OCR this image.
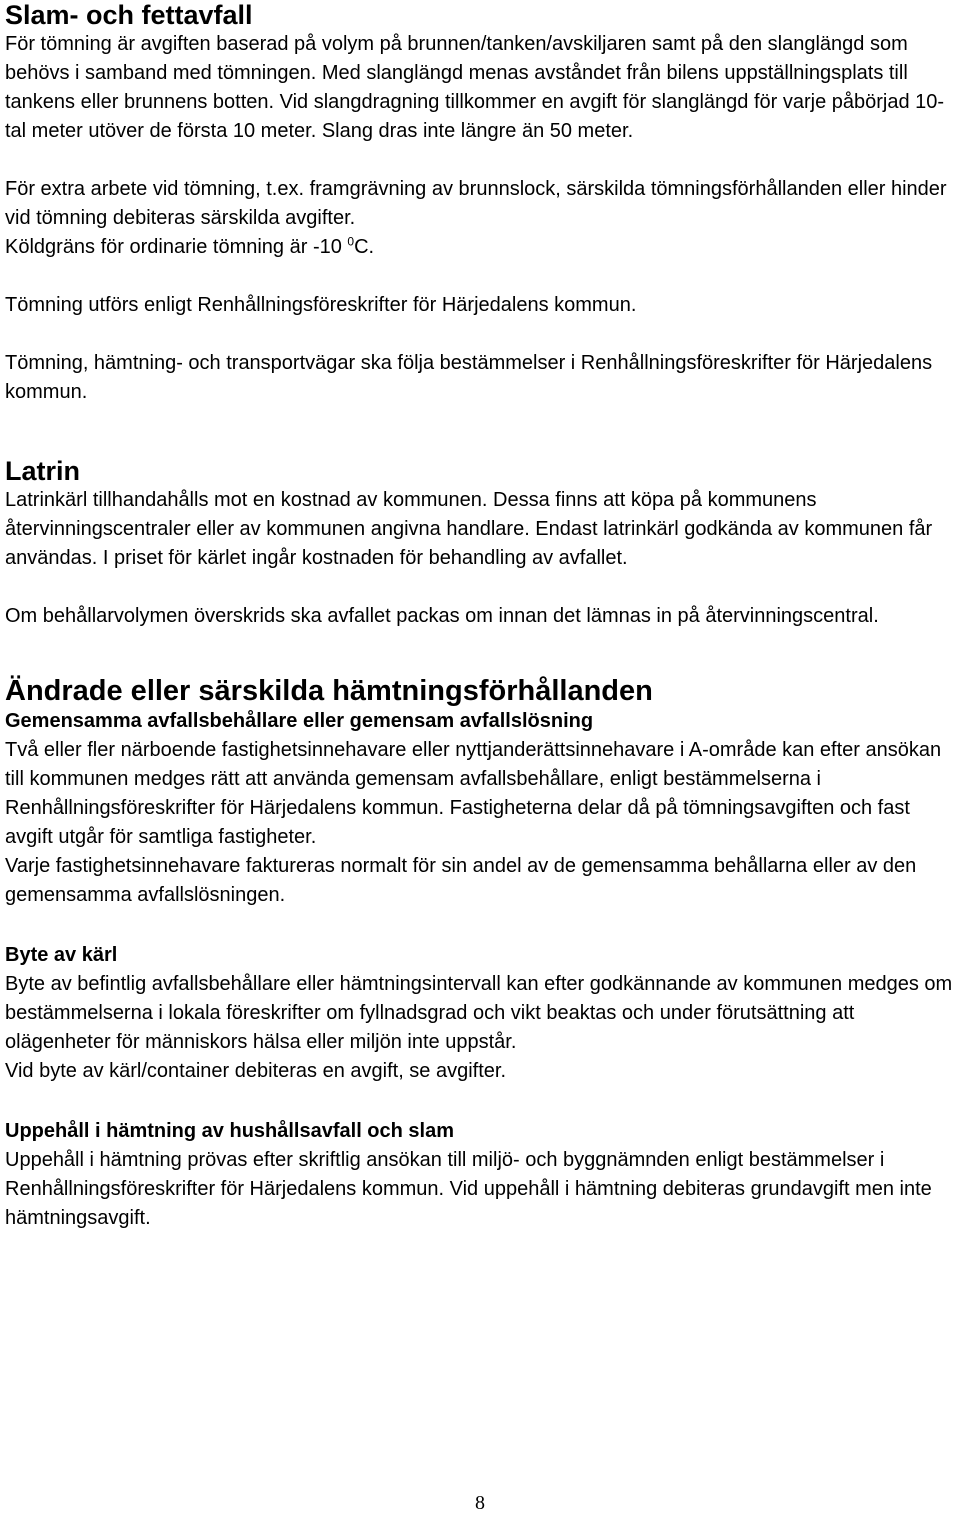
Slam- och fettavfall

För tömning är avgiften baserad på volym på brunnen/tanken/avskiljaren samt på den slanglängd som behövs i samband med tömningen. Med slanglängd menas avståndet från bilens uppställningsplats till tankens eller brunnens botten. Vid slangdragning tillkommer en avgift för slanglängd för varje påbörjad 10-tal meter utöver de första 10 meter. Slang dras inte längre än 50 meter.

För extra arbete vid tömning, t.ex. framgrävning av brunnslock, särskilda tömningsförhållanden eller hinder vid tömning debiteras särskilda avgifter.
Köldgräns för ordinarie tömning är -10 $^0$C.

Tömning utförs enligt Renhållningsföreskrifter för Härjedalens kommun.

Tömning, hämtning- och transportvägar ska följa bestämmelser i Renhållningsföreskrifter för Härjedalens kommun.

Latrin

Latrinkärl tillhandahålls mot en kostnad av kommunen. Dessa finns att köpa på kommunens återvinningscentraler eller av kommunen angivna handlare. Endast latrinkärl godkända av kommunen får användas. I priset för kärlet ingår kostnaden för behandling av avfallet.

Om behållarvolymen överskrids ska avfallet packas om innan det lämnas in på återvinningscentral.

Ändrade eller särskilda hämtningsförhållanden
Gemensamma avfallsbehållare eller gemensam avfallslösning

Två eller fler närboende fastighetsinnehavare eller nyttjanderättsinnehavare i A-område kan efter ansökan till kommunen medges rätt att använda gemensam avfallsbehållare, enligt bestämmelserna i Renhållningsföreskrifter för Härjedalens kommun. Fastigheterna delar då på tömningsavgiften och fast avgift utgår för samtliga fastigheter.

Varje fastighetsinnehavare faktureras normalt för sin andel av de gemensamma behållarna eller av den gemensamma avfallslösningen.

Byte av kärl

Byte av befintlig avfallsbehållare eller hämtningsintervall kan efter godkännande av kommunen medges om bestämmelserna i lokala föreskrifter om fyllnadsgrad och vikt beaktas och under förutsättning att olägenheter för människors hälsa eller miljön inte uppstår.

Vid byte av kärl/container debiteras en avgift, se avgifter.

Uppehåll i hämtning av hushållsavfall och slam

Uppehåll i hämtning prövas efter skriftlig ansökan till miljö- och byggnämnden enligt bestämmelser i Renhållningsföreskrifter för Härjedalens kommun. Vid uppehåll i hämtning debiteras grundavgift men inte hämtningsavgift.

8
